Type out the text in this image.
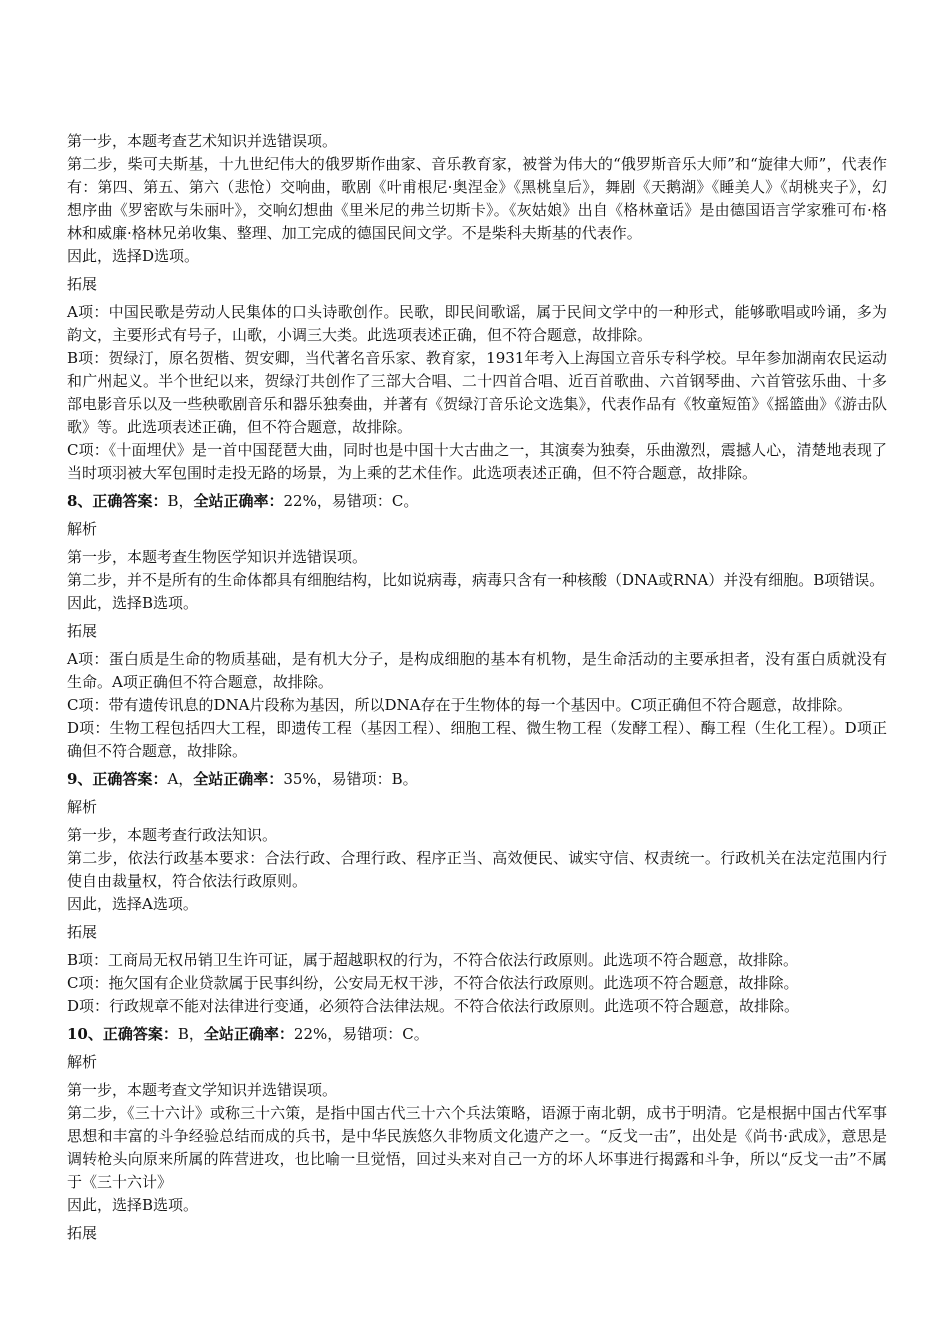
第一步，本题考查艺术知识并选错误项。

第二步，柴可夫斯基，十九世纪伟大的俄罗斯作曲家、音乐教育家，被誉为伟大的“俄罗斯音乐大师”和“旋律大师”，代表作有：第四、第五、第六（悲怆）交响曲，歌剧《叶甫根尼·奥涅金》《黑桃皇后》，舞剧《天鹅湖》《睡美人》《胡桃夹子》，幻想序曲《罗密欧与朱丽叶》，交响幻想曲《里米尼的弗兰切斯卡》。《灰姑娘》出自《格林童话》是由德国语言学家雅可布·格林和威廉·格林兄弟收集、整理、加工完成的德国民间文学。不是柴科夫斯基的代表作。

因此，选择D选项。

拓展

A项：中国民歌是劳动人民集体的口头诗歌创作。民歌，即民间歌谣，属于民间文学中的一种形式，能够歌唱或吟诵，多为韵文，主要形式有号子，山歌，小调三大类。此选项表述正确，但不符合题意，故排除。

B项：贺绿汀，原名贺楷、贺安卿，当代著名音乐家、教育家，1931年考入上海国立音乐专科学校。早年参加湖南农民运动和广州起义。半个世纪以来，贺绿汀共创作了三部大合唱、二十四首合唱、近百首歌曲、六首钢琴曲、六首管弦乐曲、十多部电影音乐以及一些秧歌剧音乐和器乐独奏曲，并著有《贺绿汀音乐论文选集》，代表作品有《牧童短笛》《摇篮曲》《游击队歌》等。此选项表述正确，但不符合题意，故排除。

C项：《十面埋伏》是一首中国琵琶大曲，同时也是中国十大古曲之一，其演奏为独奏，乐曲激烈，震撼人心，清楚地表现了当时项羽被大军包围时走投无路的场景，为上乘的艺术佳作。此选项表述正确，但不符合题意，故排除。

8、正确答案：B，全站正确率：22%，易错项：C。

解析

第一步，本题考查生物医学知识并选错误项。

第二步，并不是所有的生命体都具有细胞结构，比如说病毒，病毒只含有一种核酸（DNA或RNA）并没有细胞。B项错误。

因此，选择B选项。

拓展

A项：蛋白质是生命的物质基础，是有机大分子，是构成细胞的基本有机物，是生命活动的主要承担者，没有蛋白质就没有生命。A项正确但不符合题意，故排除。

C项：带有遗传讯息的DNA片段称为基因，所以DNA存在于生物体的每一个基因中。C项正确但不符合题意，故排除。

D项：生物工程包括四大工程，即遗传工程（基因工程）、细胞工程、微生物工程（发酵工程）、酶工程（生化工程）。D项正确但不符合题意，故排除。

9、正确答案：A，全站正确率：35%，易错项：B。

解析

第一步，本题考查行政法知识。

第二步，依法行政基本要求：合法行政、合理行政、程序正当、高效便民、诚实守信、权责统一。行政机关在法定范围内行使自由裁量权，符合依法行政原则。

因此，选择A选项。

拓展

B项：工商局无权吊销卫生许可证，属于超越职权的行为，不符合依法行政原则。此选项不符合题意，故排除。

C项：拖欠国有企业贷款属于民事纠纷，公安局无权干涉，不符合依法行政原则。此选项不符合题意，故排除。

D项：行政规章不能对法律进行变通，必须符合法律法规。不符合依法行政原则。此选项不符合题意，故排除。

10、正确答案：B，全站正确率：22%，易错项：C。

解析

第一步，本题考查文学知识并选错误项。

第二步，《三十六计》或称三十六策，是指中国古代三十六个兵法策略，语源于南北朝，成书于明清。它是根据中国古代军事思想和丰富的斗争经验总结而成的兵书，是中华民族悠久非物质文化遗产之一。“反戈一击”，出处是《尚书·武成》，意思是调转枪头向原来所属的阵营进攻，也比喻一旦觉悟，回过头来对自己一方的坏人坏事进行揭露和斗争，所以“反戈一击”不属于《三十六计》

因此，选择B选项。

拓展
